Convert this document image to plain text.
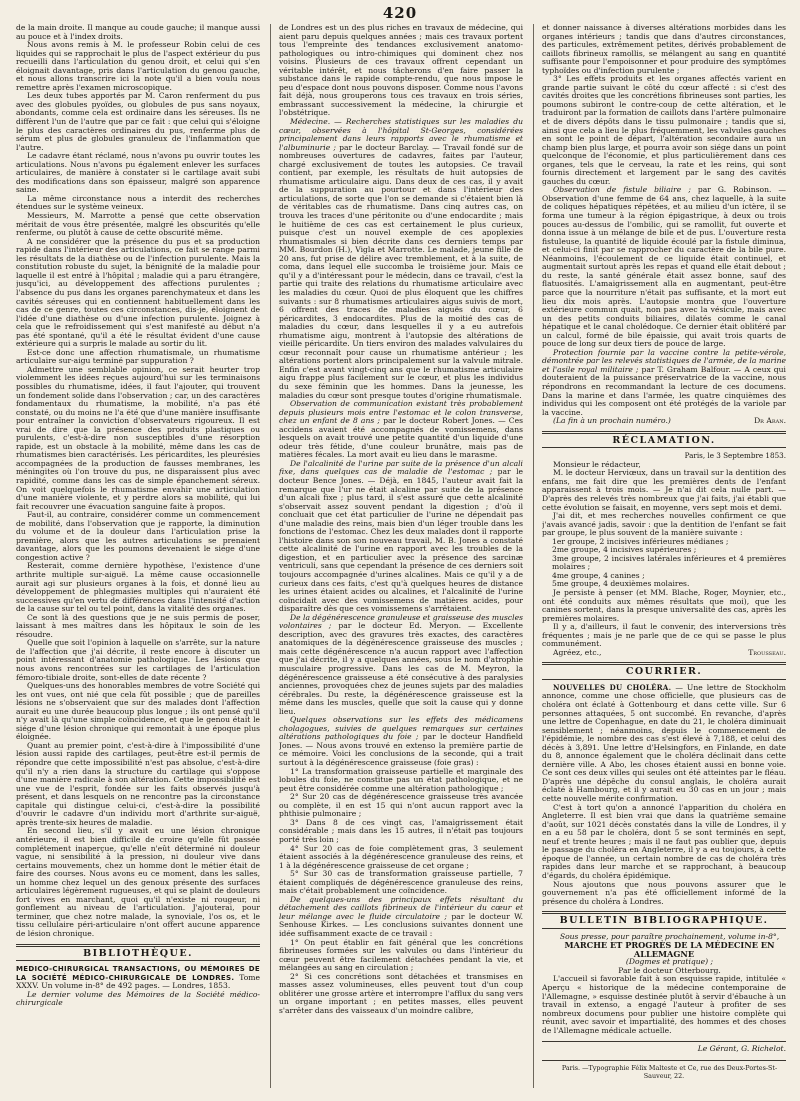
420

de la main droite. Il manque au coude gauche; il manque aussi au pouce et à l'index droits.

Nous avons remis à M. le professeur Robin celui de ces liquides qui se rapprochait le plus de l'aspect extérieur du pus recueilli dans l'articulation du genou droit, et celui qui s'en éloignait davantage, pris dans l'articulation du genou gauche, et nous allons transcrire ici la note qu'il a bien voulu nous remettre après l'examen microscopique.

Les deux tubes apportés par M. Caron renferment du pus avec des globules pyoïdes, ou globules de pus sans noyaux, abondants, comme cela est ordinaire dans les séreuses. Ils ne diffèrent l'un de l'autre que par ce fait : que celui qui s'éloigne le plus des caractères ordinaires du pus, renferme plus de sérum et plus de globules granuleux de l'inflammation que l'autre.

Le cadavre étant réclamé, nous n'avons pu ouvrir toutes les articulations. Nous n'avons pu également enlever les surfaces articulaires, de manière à constater si le cartilage avait subi des modifications dans son épaisseur, malgré son apparence saine.

La même circonstance nous a interdit des recherches étendues sur le système veineux.

Messieurs, M. Marrotte a pensé que cette observation méritait de vous être présentée, malgré les obscurités qu'elle renferme, ou plutôt à cause de cette obscurité même.

A ne considérer que la présence du pus et sa production rapide dans l'intérieur des articulations, ce fait se range parmi les résultats de la diathèse ou de l'infection purulente. Mais la constitution robuste du sujet, la bénignité de la maladie pour laquelle il est entré à l'hôpital ; maladie qui a paru étrangère, jusqu'ici, au développement des affections purulentes ; l'absence du pus dans les organes parenchymateux et dans les cavités séreuses qui en contiennent habituellement dans les cas de ce genre, toutes ces circonstances, dis-je, éloignent de l'idée d'une diathèse ou d'une infection purulente. Joignez à cela que le refroidissement qui s'est manifesté au début n'a pas été spontané, qu'il a été le résultat évident d'une cause extérieure qui a surpris le malade au sortir du lit.

Est-ce donc une affection rhumatismale, un rhumatisme articulaire sur-aigu terminé par suppuration ?

Admettre une semblable opinion, ce serait heurter trop violemment les idées reçues aujourd'hui sur les terminaisons possibles du rhumatisme, idées, il faut l'ajouter, qui trouvent un fondement solide dans l'observation ; car, un des caractères fondamentaux du rhumatisme, la mobilité, n'a pas été constaté, ou du moins ne l'a été que d'une manière insuffisante pour entraîner la conviction d'observateurs rigoureux. Il est vrai de dire que la présence des produits plastiques ou purulents, c'est-à-dire non susceptibles d'une résorption rapide, est un obstacle à la mobilité, même dans les cas de rhumatismes bien caractérisés. Les péricardites, les pleurésies accompagnées de la production de fausses membranes, les méningites où l'on trouve du pus, ne disparaissent plus avec rapidité, comme dans les cas de simple épanchement séreux. On voit quelquefois le rhumatisme envahir une articulation d'une manière violente, et y perdre alors sa mobilité, qui lui fait recouvrer une évacuation sanguine faite à propos.

Faut-il, au contraire, considérer comme un commencement de mobilité, dans l'observation que je rapporte, la diminution du volume et de la douleur dans l'articulation prise la première, alors que les autres articulations se prenaient davantage, alors que les poumons devenaient le siége d'une congestion active ?

Resterait, comme dernière hypothèse, l'existence d'une arthrite multiple sur-aiguë. La même cause occasionnelle aurait agi sur plusieurs organes à la fois, et donné lieu au développement de phlegmasies multiples qui n'auraient été successives qu'en vertu de différences dans l'intensité d'action de la cause sur tel ou tel point, dans la vitalité des organes.

Ce sont là des questions que je ne suis permis de poser, laissant à mes maîtres dans les hôpitaux le soin de les résoudre.

Quelle que soit l'opinion à laquelle on s'arrête, sur la nature de l'affection que j'ai décrite, il reste encore à discuter un point intéressant d'anatomie pathologique. Les lésions que nous avons rencontrées sur les cartilages de l'articulation fémoro-tibiale droite, sont-elles de date récente ?

Quelques-uns des honorables membres de votre Société qui les ont vues, ont nié que cela fût possible ; que de pareilles lésions ne s'observaient que sur des malades dont l'affection aurait eu une durée beaucoup plus longue ; ils ont pensé qu'il n'y avait là qu'une simple coïncidence, et que le genou était le siége d'une lésion chronique qui remontait à une époque plus éloignée.

Quant au premier point, c'est-à-dire à l'impossibilité d'une lésion aussi rapide des cartilages, peut-être est-il permis de répondre que cette impossibilité n'est pas absolue, c'est-à-dire qu'il n'y a rien dans la structure du cartilage qui s'oppose d'une manière radicale à son altération. Cette impossibilité est une vue de l'esprit, fondée sur les faits observés jusqu'à présent, et dans lesquels on ne rencontre pas la circonstance capitale qui distingue celui-ci, c'est-à-dire la possibilité d'ouvrir le cadavre d'un individu mort d'arthrite sur-aiguë, après trente-six heures de maladie.

En second lieu, s'il y avait eu une lésion chronique antérieure, il est bien difficile de croire qu'elle fût passée complétement inaperçue, qu'elle n'eût déterminé ni douleur vague, ni sensibilité à la pression, ni douleur vive dans certains mouvements, chez un homme dont le métier était de faire des courses. Nous avons eu ce moment, dans les salles, un homme chez lequel un des genoux présente des surfaces articulaires légèrement rugueuses, et qui se plaint de douleurs fort vives en marchant, quoi qu'il n'existe ni rougeur, ni gonflement au niveau de l'articulation. J'ajouterai, pour terminer, que chez notre malade, la synoviale, l'os os, et le tissu cellulaire péri-articulaire n'ont offert aucune apparence de lésion chronique.

BIBLIOTHÈQUE.

MEDICO-CHIRURGICAL TRANSACTIONS, OU MÉMOIRES DE LA SOCIÉTÉ MÉDICO-CHIRURGICALE DE LONDRES. Tome XXXV. Un volume in-8° de 492 pages. — Londres, 1853.

Le dernier volume des Mémoires de la Société médico-chirurgicale

de Londres est un des plus riches en travaux de médecine, qui aient paru depuis quelques années ; mais ces travaux portent tous l'empreinte des tendances exclusivement anatomo-pathologiques ou intro-chimiques qui dominent chez nos voisins. Plusieurs de ces travaux offrent cependant un véritable intérêt, et nous tâcherons d'en faire passer la substance dans le rapide compte-rendu, que nous impose le peu d'espace dont nous pouvons disposer. Comme nous l'avons fait déjà, nous grouperons tous ces travaux en trois séries, embrassant successivement la médecine, la chirurgie et l'obstétrique.

Médecine. — Recherches statistiques sur les maladies du cœur, observées à l'hôpital St-Georges, considérées principalement dans leurs rapports avec le rhumatisme et l'albuminurie ; par le docteur Barclay. — Travail fondé sur de nombreuses ouvertures de cadavres, faites par l'auteur, chargé exclusivement de toutes les autopsies. Ce travail contient, par exemple, les résultats de huit autopsies de rhumatisme articulaire aigu. Dans deux de ces cas, il y avait de la suppuration au pourtour et dans l'intérieur des articulations, de sorte que l'on se demande si c'étaient bien là de véritables cas de rhumatisme. Dans cinq autres cas, on trouva les traces d'une péritonite ou d'une endocardite ; mais le huitième de ces cas est certainement le plus curieux, puisque c'est un nouvel exemple de ces apoplexies rhumatismales si bien décrite dans ces derniers temps par MM. Bourdon (H.), Vigla et Marrotte. Le malade, jeune fille de 20 ans, fut prise de délire avec tremblement, et à la suite, de coma, dans lequel elle succomba le troisième jour. Mais ce qu'il y a d'intéressant pour le médecin, dans ce travail, c'est la partie qui traite des relations du rhumatisme articulaire avec les maladies du cœur. Quoi de plus éloquent que les chiffres suivants : sur 8 rhumatismes articulaires aigus suivis de mort, 6 offrent des traces de maladies aiguës du cœur, 6 péricardites, 3 endocardites. Plus de la moitié des cas de maladies du cœur, dans lesquelles il y a eu autrefois rhumatisme aigu, montrent à l'autopsie des altérations de vieille péricardite. Un tiers environ des malades valvulaires du cœur reconnaît pour cause un rhumatisme antérieur ; les altérations portent alors principalement sur la valvule mitrale. Enfin c'est avant vingt-cinq ans que le rhumatisme articulaire aigu frappe plus facilement sur le cœur, et plus les individus du sexe féminin que les hommes. Dans la jeunesse, les maladies du cœur sont presque toutes d'origine rhumatismale.

Observation de communication existant très probablement depuis plusieurs mois entre l'estomac et le colon transverse, chez un enfant de 8 ans ; par le docteur Robert Jones. — Ces accidens avaient été accompagnés de vomissemens, dans lesquels on avait trouvé une petite quantité d'un liquide d'une odeur très fétide, d'une couleur brunâtre, mais pas de matières fécales. La mort avait eu lieu dans le marasme.

De l'alcalinité de l'urine par suite de la présence d'un alcali fixe, dans quelques cas de maladie de l'estomac ; par le docteur Bence Jones. — Déjà, en 1845, l'auteur avait fait la remarque que l'ur ne était alcaline par suite de la présence d'un alcali fixe ; plus tard, il s'est assuré que cette alcalinité s'observait assez souvent pendant la digestion ; d'où il concluait que cet état particulier de l'urine ne dépendait pas d'une maladie des reins, mais bien d'un léger trouble dans les fonctions de l'estomac. Chez les deux malades dont il rapporte l'histoire dans son son nouveau travail, M. B. Jones a constaté cette alcalinité de l'urine en rapport avec les troubles de la digestion, et en particulier avec la présence des sarcinæ ventriculi, sans que cependant la présence de ces derniers soit toujours accompagnée d'urines alcalines. Mais ce qu'il y a de curieux dans ces faits, c'est qu'à quelques heures de distance les urines étaient acides ou alcalines, et l'alcalinité de l'urine coïncidait avec des vomissemens de matières acides, pour disparaître dès que ces vomissemens s'arrêtaient.

De la dégénérescence granuleuse et graisseuse des muscles volontaires ; par le docteur Ed. Meryon. — Excellente description, avec des gravures très exactes, des caractères anatomiques de la dégénérescence graisseuse des muscles ; mais cette dégénérescence n'a aucun rapport avec l'affection que j'ai décrite, il y a quelques années, sous le nom d'atrophie musculaire progressive. Dans les cas de M. Meyron, la dégénérescence graisseuse a été consécutive à des paralysies anciennes, provoquées chez de jeunes sujets par des maladies cérébrales. Du reste, la dégénérescence graisseuse est la même dans les muscles, quelle que soit la cause qui y donne lieu.

Quelques observations sur les effets des médicamens cholagogues, suivies de quelques remarques sur certaines altérations pathologiques du foie ; par le docteur Handfield Jones. — Nous avons trouvé en extenso la première partie de ce mémoire. Voici les conclusions de la seconde, qui a trait surtout à la dégénérescence graisseuse (foie gras) :

1° La transformation graisseuse partielle et marginale des lobules du foie, ne constitue pas un état pathologique, et ne peut être considérée comme une altération pathologique ;

2° Sur 20 cas de dégénérescence graisseuse très avancée ou complète, il en est 15 qui n'ont aucun rapport avec la phthisie pulmonaire ;

3° Dans 8 de ces vingt cas, l'amaigrissement était considérable ; mais dans les 15 autres, il n'était pas toujours porté très loin ;

4° Sur 20 cas de foie complètement gras, 3 seulement étaient associés à la dégénérescence granuleuse des reins, et 1 à la dégénérescence graisseuse de cet organe ;

5° Sur 30 cas de transformation graisseuse partielle, 7 étaient compliqués de dégénérescence granuleuse des reins, mais c'était probablement une coïncidence.

De quelques-uns des principaux effets résultant du détachement des caillots fibrineux de l'intérieur du cœur et leur mélange avec le fluide circulatoire ; par le docteur W. Senhouse Kirkes. — Les conclusions suivantes donnent une idée suffisamment exacte de ce travail :

1° On peut établir en fait général que les concrétions fibrineuses formées sur les valvules ou dans l'intérieur du cœur peuvent être facilement détachées pendant la vie, et mélangées au sang en circulation ;

2° Si ces concrétions sont détachées et transmises en masses assez volumineuses, elles peuvent tout d'un coup oblitérer une grosse artère et interrompre l'afflux du sang vers un organe important ; en petites masses, elles peuvent s'arrêter dans des vaisseaux d'un moindre calibre,

et donner naissance à diverses altérations morbides dans les organes intérieurs ; tandis que dans d'autres circonstances, des particules, extrêmement petites, dérivés probablement de caillots fibrineux ramollis, se mélangent au sang en quantité suffisante pour l'empoisonner et pour produire des symptômes typhoïdes ou d'infection purulente ;

3° Les effets produits et les organes affectés varient en grande partie suivant le côté du cœur affecté : si c'est des cavités droites que les concrétions fibrineuses sont parties, les poumons subiront le contre-coup de cette altération, et le traduiront par la formation de caillots dans l'artère pulmonaire et de divers dépôts dans le tissu pulmonaire ; tandis que si, ainsi que cela a lieu le plus fréquemment, les valvules gauches en sont le point de départ, l'altération secondaire aura un champ bien plus large, et pourra avoir son siége dans un point quelconque de l'économie, et plus particulièrement dans ces organes, tels que le cerveau, la rate et les reins, qui sont fournis directement et largement par le sang des cavités gauches du cœur.

Observation de fistule biliaire ; par G. Robinson. — Observation d'une femme de 64 ans, chez laquelle, à la suite de coliques hépatiques répétées, et au milieu d'un ictère, il se forma une tumeur à la région épigastrique, à deux ou trois pouces au-dessus de l'ombilic, qui se ramollit, fut ouverte et donna issue à un mélange de bile et de pus. L'ouverture resta fistuleuse, la quantité de liquide écoulé par la fistule diminua, et celui-ci finit par se rapprocher du caractère de la bile pure. Néanmoins, l'écoulement de ce liquide était continuel, et augmentait surtout après les repas et quand elle était debout ; du reste, la santé générale était assez bonne, sauf des flatuosités. L'amaigrissement alla en augmentant, peut-être parce que la nourriture n'était pas suffisante, et la mort eut lieu dix mois après. L'autopsie montra que l'ouverture extérieure commun quait, non pas avec la vésicule, mais avec un des petits conduits biliaires, dilatés comme le canal hépatique et le canal cholédoque. Ce dernier était oblitéré par un calcul, formé de bile épaissie, qui avait trois quarts de pouce de long sur deux tiers de pouce de large.

Protection fournie par la vaccine contre la petite-vérole, démontrée par les relevés statistiques de l'armée, de la marine et l'asile royal militaire ; par T. Graham Balfour. — A ceux qui douteraient de la puissance préservatrice de la vaccine, nous répondrons en recommandant la lecture de ces documens. Dans la marine et dans l'armée, les quatre cinquièmes des individus qui les composent ont été protégés de la variole par la vaccine.

(La fin à un prochain numéro.)	Dr Aran.

RÉCLAMATION.

Paris, le 3 Septembre 1853.

Monsieur le rédacteur,

M. le docteur Herviœux, dans un travail sur la dentition des enfans, me fait dire que les premières dents de l'enfant apparaissent à trois mois. — Je n'ai dit cela nulle part. — D'après des relevés très nombreux que j'ai faits, j'ai établi que cette évolution se faisait, en moyenne, vers sept mois et demi.

J'ai dit, et mes recherches nouvelles confirment ce que j'avais avancé jadis, savoir : que la dentition de l'enfant se fait par groupe, le plus souvent de la manière suivante :

1er groupe, 2 incisives inférieures médianes ;

2me groupe, 4 incisives supérieures ;

3me groupe, 2 incisives latérales inférieures et 4 premières molaires ;

4me groupe, 4 canines ;

5me groupe, 4 deuxièmes molaires.

Je persiste à penser (et MM. Blache, Roger, Moynier, etc., ont été conduits aux mêmes résultats que moi), que les canines sortent, dans la presque universalité des cas, après les premières molaires.

Il y a, d'ailleurs, il faut le convenir, des interversions très fréquentes ; mais je ne parle que de ce qui se passe le plus communément.

Agréez, etc.,	Trousseau.

COURRIER.

NOUVELLES DU CHOLÉRA. — Une lettre de Stockholm annonce, comme une chose officielle, que plusieurs cas de choléra ont éclaté à Gottenbourg et dans cette ville. Sur 6 personnes attaquées, 5 ont succombé. En revanche, d'après une lettre de Copenhague, en date du 21, le choléra diminuait sensiblement ; néanmoins, depuis le commencement de l'épidémie, le nombre des cas s'est élevé à 7,188, et celui des décès à 3,891. Une lettre d'Helsingfors, en Finlande, en date du 8, annonce également que le choléra déclinait dans cette dernière ville. A Abo, les choses étaient aussi en bonne voie. Ce sont ces deux villes qui seules ont été atteintes par le fléau. D'après une dépêche du consul anglais, le choléra aurait éclaté à Hambourg, et il y aurait eu 30 cas en un jour ; mais cette nouvelle mérite confirmation.

C'est à tort qu'on a annoncé l'apparition du choléra en Angleterre. Il est bien vrai que dans la quatrième semaine d'août, sur 1021 décès constatés dans la ville de Londres, il y en a eu 58 par le choléra, dont 5 se sont terminés en sept, neuf et trente heures ; mais il ne faut pas oublier que, depuis le passage du choléra en Angleterre, il y a eu toujours, à cette époque de l'année, un certain nombre de cas de choléra très rapides dans leur marche et se rapprochant, à beaucoup d'égards, du choléra épidémique.

Nous ajoutons que nous pouvons assurer que le gouvernement n'a pas été officiellement informé de la présence du choléra à Londres.

BULLETIN BIBLIOGRAPHIQUE.

Sous presse, pour paraître prochainement, volume in-8°,

MARCHE ET PROGRÈS DE LA MÉDECINE EN ALLEMAGNE

(Dogmes et pratique) ;

Par le docteur Otterbourg.

L'accueil si favorable fait à son esquisse rapide, intitulée « Aperçu « historique de la médecine contemporaine de l'Allemagne, » esquisse destinée plutôt à servir d'ébauche à un travail in extenso, a engagé l'auteur à profiter de ses nombreux documens pour publier une histoire complète qui réunit, avec savoir et impartialité, des hommes et des choses de l'Allemagne médicale actuelle.

Le Gérant, G. Richelot.

Paris. —Typographie Félix Malteste et Ce, rue des Deux-Portes-St-Sauveur, 22.
